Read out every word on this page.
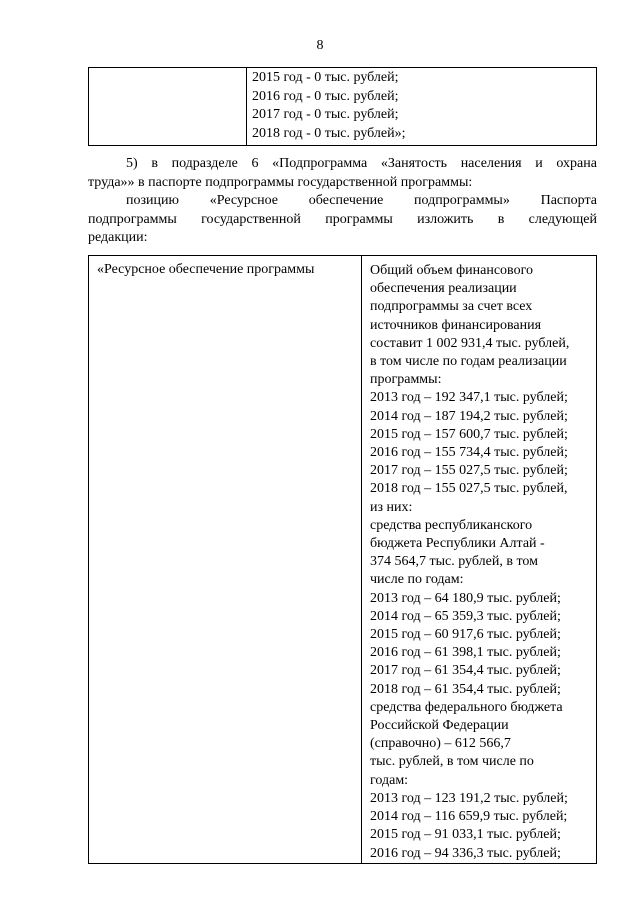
8

2015 год - 0 тыс. рублей;
2016 год - 0 тыс. рублей;
2017 год - 0 тыс. рублей;
2018 год - 0 тыс. рублей»;
5) в подразделе 6 «Подпрограмма «Занятость населения и охрана
труда»» в паспорте подпрограммы государственной программы:
позицию «Ресурсное обеспечение подпрограммы» Паспорта
подпрограммы государственной программы изложить в следующей
редакции:
«Ресурсное обеспечение программы	Общий объем финансового
обеспечения реализации
подпрограммы за счет всех
источников финансирования
составит 1 002 931,4 тыс. рублей,
в том числе по годам реализации
программы:
2013 год – 192 347,1 тыс. рублей;
2014 год – 187 194,2 тыс. рублей;
2015 год – 157 600,7 тыс. рублей;
2016 год – 155 734,4 тыс. рублей;
2017 год – 155 027,5 тыс. рублей;
2018 год – 155 027,5 тыс. рублей,
из них:
средства республиканского
бюджета Республики Алтай -
374 564,7 тыс. рублей, в том
числе по годам:
2013 год – 64 180,9 тыс. рублей;
2014 год – 65 359,3 тыс. рублей;
2015 год – 60 917,6 тыс. рублей;
2016 год – 61 398,1 тыс. рублей;
2017 год – 61 354,4 тыс. рублей;
2018 год – 61 354,4 тыс. рублей;
средства федерального бюджета
Российской Федерации
(справочно) – 612 566,7
тыс. рублей, в том числе по
годам:
2013 год – 123 191,2 тыс. рублей;
2014 год – 116 659,9 тыс. рублей;
2015 год – 91 033,1 тыс. рублей;
2016 год – 94 336,3 тыс. рублей;
